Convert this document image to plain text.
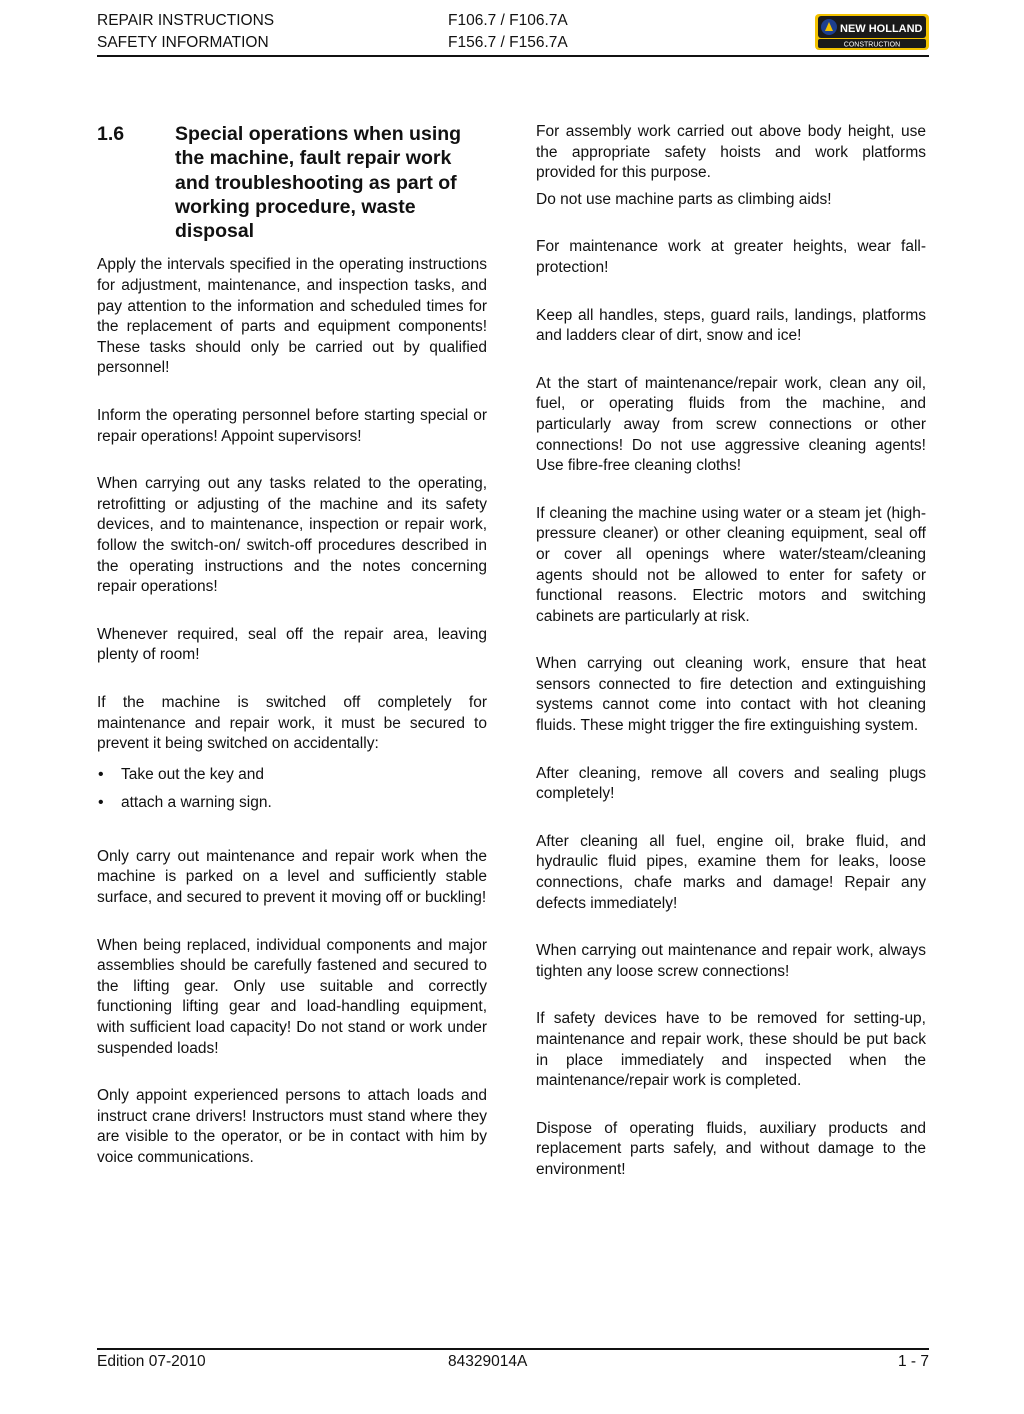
REPAIR INSTRUCTIONS
SAFETY INFORMATION
F106.7 / F106.7A
F156.7 / F156.7A
NEW HOLLAND
CONSTRUCTION
1.6	Special operations when using the machine, fault repair work and troubleshooting as part of working procedure, waste disposal

Apply the intervals specified in the operating instructions for adjustment, maintenance, and inspection tasks, and pay attention to the information and scheduled times for the replacement of parts and equipment components! These tasks should only be carried out by qualified personnel!

Inform the operating personnel before starting special or repair operations! Appoint supervisors!

When carrying out any tasks related to the operating, retrofitting or adjusting of the machine and its safety devices, and to maintenance, inspection or repair work, follow the switch-on/ switch-off procedures described in the operating instructions and the notes concerning repair operations!

Whenever required, seal off the repair area, leaving plenty of room!

If the machine is switched off completely for maintenance and repair work, it must be secured to prevent it being switched on accidentally:

• Take out the key and
• attach a warning sign.

Only carry out maintenance and repair work when the machine is parked on a level and sufficiently stable surface, and secured to prevent it moving off or buckling!

When being replaced, individual components and major assemblies should be carefully fastened and secured to the lifting gear. Only use suitable and correctly functioning lifting gear and load-handling equipment, with sufficient load capacity! Do not stand or work under suspended loads!

Only appoint experienced persons to attach loads and instruct crane drivers! Instructors must stand where they are visible to the operator, or be in contact with him by voice communications.

For assembly work carried out above body height, use the appropriate safety hoists and work platforms provided for this purpose.

Do not use machine parts as climbing aids!

For maintenance work at greater heights, wear fall-protection!

Keep all handles, steps, guard rails, landings, platforms and ladders clear of dirt, snow and ice!

At the start of maintenance/repair work, clean any oil, fuel, or operating fluids from the machine, and particularly away from screw connections or other connections! Do not use aggressive cleaning agents! Use fibre-free cleaning cloths!

If cleaning the machine using water or a steam jet (high-pressure cleaner) or other cleaning equipment, seal off or cover all openings where water/steam/cleaning agents should not be allowed to enter for safety or functional reasons. Electric motors and switching cabinets are particularly at risk.

When carrying out cleaning work, ensure that heat sensors connected to fire detection and extinguishing systems cannot come into contact with hot cleaning fluids. These might trigger the fire extinguishing system.

After cleaning, remove all covers and sealing plugs completely!

After cleaning all fuel, engine oil, brake fluid, and hydraulic fluid pipes, examine them for leaks, loose connections, chafe marks and damage! Repair any defects immediately!

When carrying out maintenance and repair work, always tighten any loose screw connections!

If safety devices have to be removed for setting-up, maintenance and repair work, these should be put back in place immediately and inspected when the maintenance/repair work is completed.

Dispose of operating fluids, auxiliary products and replacement parts safely, and without damage to the environment!

Edition 07-2010	84329014A	1 - 7
